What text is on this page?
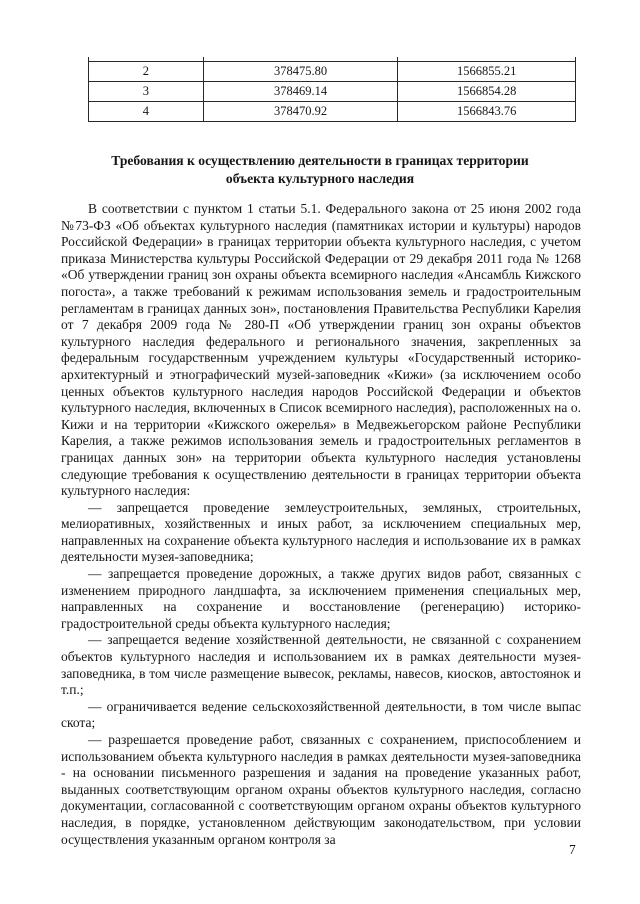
2	378475.80	1566855.21
3	378469.14	1566854.28
4	378470.92	1566843.76
Требования к осуществлению деятельности в границах территории
объекта культурного наследия

В соответствии с пунктом 1 статьи 5.1. Федерального закона от 25 июня 2002 года №73-ФЗ «Об объектах культурного наследия (памятниках истории и культуры) народов Российской Федерации» в границах территории объекта культурного наследия, с учетом приказа Министерства культуры Российской Федерации от 29 декабря 2011 года № 1268 «Об утверждении границ зон охраны объекта всемирного наследия «Ансамбль Кижского погоста», а также требований к режимам использования земель и градостроительным регламентам в границах данных зон», постановления Правительства Республики Карелия от 7 декабря 2009 года № 280-П «Об утверждении границ зон охраны объектов культурного наследия федерального и регионального значения, закрепленных за федеральным государственным учреждением культуры «Государственный историко-архитектурный и этнографический музей-заповедник «Кижи» (за исключением особо ценных объектов культурного наследия народов Российской Федерации и объектов культурного наследия, включенных в Список всемирного наследия), расположенных на о. Кижи и на территории «Кижского ожерелья» в Медвежьегорском районе Республики Карелия, а также режимов использования земель и градостроительных регламентов в границах данных зон» на территории объекта культурного наследия установлены следующие требования к осуществлению деятельности в границах территории объекта культурного наследия:

— запрещается проведение землеустроительных, земляных, строительных, мелиоративных, хозяйственных и иных работ, за исключением специальных мер, направленных на сохранение объекта культурного наследия и использование их в рамках деятельности музея-заповедника;

— запрещается проведение дорожных, а также других видов работ, связанных с изменением природного ландшафта, за исключением применения специальных мер, направленных на сохранение и восстановление (регенерацию) историко-градостроительной среды объекта культурного наследия;

— запрещается ведение хозяйственной деятельности, не связанной с сохранением объектов культурного наследия и использованием их в рамках деятельности музея-заповедника, в том числе размещение вывесок, рекламы, навесов, киосков, автостоянок и т.п.;

— ограничивается ведение сельскохозяйственной деятельности, в том числе выпас скота;

— разрешается проведение работ, связанных с сохранением, приспособлением и использованием объекта культурного наследия в рамках деятельности музея-заповедника - на основании письменного разрешения и задания на проведение указанных работ, выданных соответствующим органом охраны объектов культурного наследия, согласно документации, согласованной с соответствующим органом охраны объектов культурного наследия, в порядке, установленном действующим законодательством, при условии осуществления указанным органом контроля за

7
